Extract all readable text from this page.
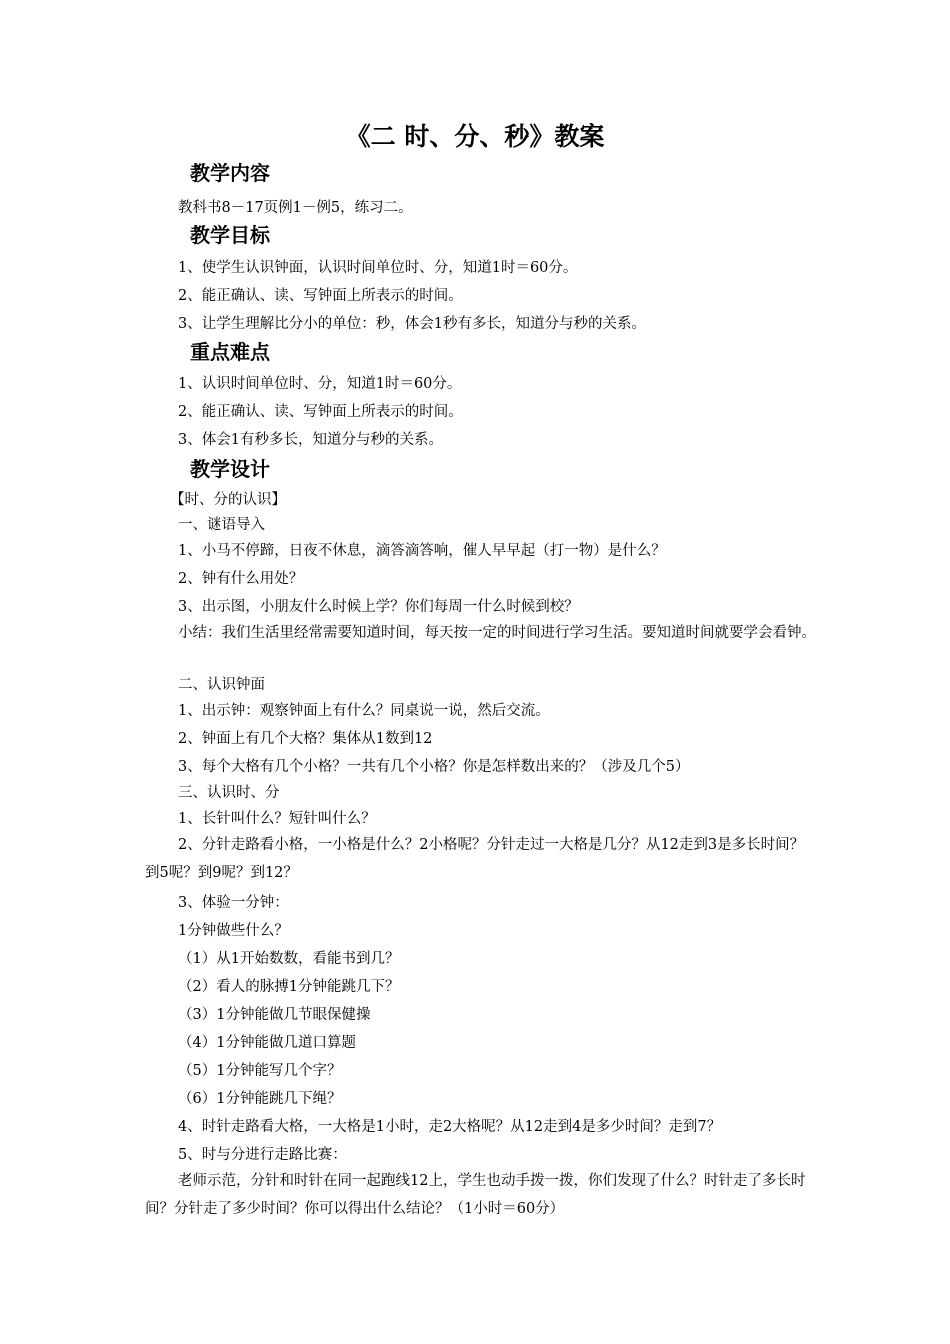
《二 时、分、秒》教案
教学内容
教科书8－17页例1－例5，练习二。
教学目标
1、使学生认识钟面，认识时间单位时、分，知道1时＝60分。
2、能正确认、读、写钟面上所表示的时间。
3、让学生理解比分小的单位：秒，体会1秒有多长，知道分与秒的关系。
重点难点
1、认识时间单位时、分，知道1时＝60分。
2、能正确认、读、写钟面上所表示的时间。
3、体会1有秒多长，知道分与秒的关系。
教学设计
【时、分的认识】
一、谜语导入
1、小马不停蹄，日夜不休息，滴答滴答响，催人早早起（打一物）是什么？
2、钟有什么用处？
3、出示图，小朋友什么时候上学？你们每周一什么时候到校？
小结：我们生活里经常需要知道时间，每天按一定的时间进行学习生活。要知道时间就要学会看钟。
二、认识钟面
1、出示钟：观察钟面上有什么？同桌说一说，然后交流。
2、钟面上有几个大格？集体从1数到12
3、每个大格有几个小格？一共有几个小格？你是怎样数出来的？（涉及几个5）
三、认识时、分
1、长针叫什么？短针叫什么？
2、分针走路看小格，一小格是什么？2小格呢？分针走过一大格是几分？从12走到3是多长时间？到5呢？到9呢？到12？
3、体验一分钟：
1分钟做些什么？
（1）从1开始数数，看能书到几？
（2）看人的脉搏1分钟能跳几下？
（3）1分钟能做几节眼保健操
（4）1分钟能做几道口算题
（5）1分钟能写几个字？
（6）1分钟能跳几下绳？
4、时针走路看大格，一大格是1小时，走2大格呢？从12走到4是多少时间？走到7？
5、时与分进行走路比赛：
老师示范，分针和时针在同一起跑线12上，学生也动手拨一拨，你们发现了什么？时针走了多长时间？分针走了多少时间？你可以得出什么结论？（1小时＝60分）
